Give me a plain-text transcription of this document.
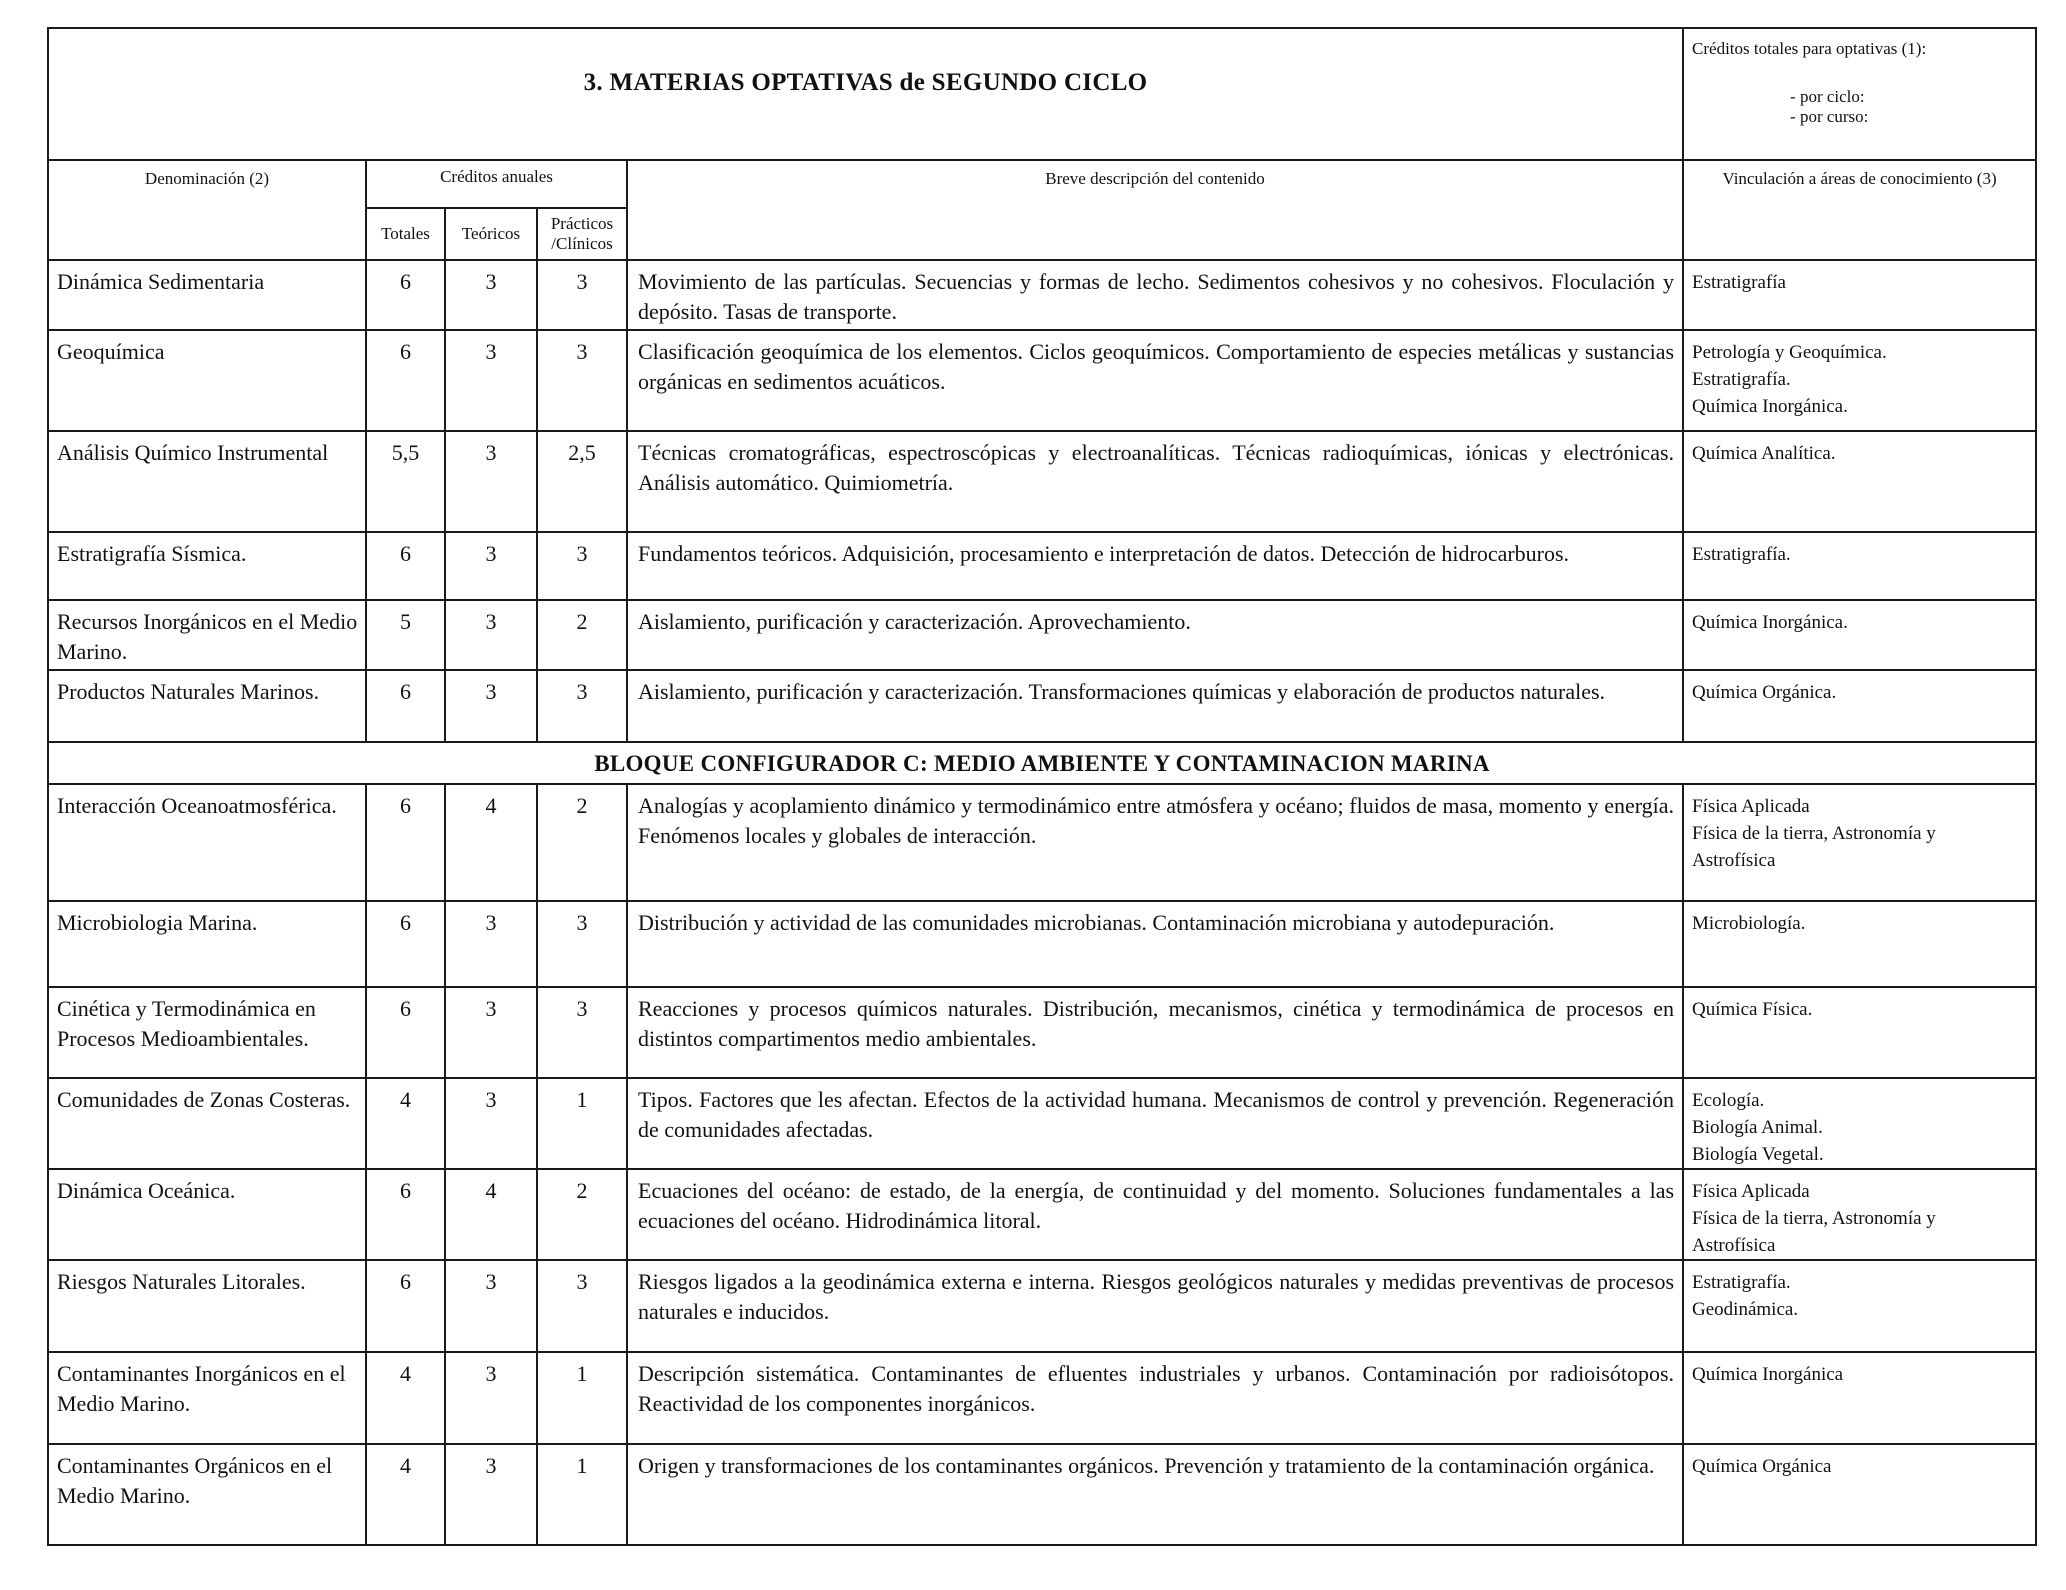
3. MATERIAS OPTATIVAS de SEGUNDO CICLO					Créditos totales para optativas (1):
- por ciclo:
- por curso:

Denominación (2)	Créditos anuales			Breve descripción del contenido	Vinculación a áreas de conocimiento (3)
	Totales	Teóricos	Prácticos
/Clínicos		
Dinámica Sedimentaria	6	3	3	Movimiento de las partículas. Secuencias y formas de lecho. Sedimentos cohesivos y no cohesivos. Floculación y depósito. Tasas de transporte.	Estratigrafía

Geoquímica	6	3	3	Clasificación geoquímica de los elementos. Ciclos geoquímicos. Comportamiento de especies metálicas y sustancias orgánicas en sedimentos acuáticos.	Petrología y Geoquímica.
Estratigrafía.
Química Inorgánica.

Análisis Químico Instrumental	5,5	3	2,5	Técnicas cromatográficas, espectroscópicas y electroanalíticas. Técnicas radioquímicas, iónicas y electrónicas. Análisis automático. Quimiometría.	Química Analítica.

Estratigrafía Sísmica.	6	3	3	Fundamentos teóricos. Adquisición, procesamiento e interpretación de datos. Detección de hidrocarburos.	Estratigrafía.

Recursos Inorgánicos en el Medio Marino.	5	3	2	Aislamiento, purificación y caracterización. Aprovechamiento.	Química Inorgánica.

Productos Naturales Marinos.	6	3	3	Aislamiento, purificación y caracterización. Transformaciones químicas y elaboración de productos naturales.	Química Orgánica.

BLOQUE CONFIGURADOR C: MEDIO AMBIENTE Y CONTAMINACION MARINA					
Interacción Oceanoatmosférica.	6	4	2	Analogías y acoplamiento dinámico y termodinámico entre atmósfera y océano; fluidos de masa, momento y energía. Fenómenos locales y globales de interacción.	Física Aplicada
Física de la tierra, Astronomía y
Astrofísica

Microbiologia Marina.	6	3	3	Distribución y actividad de las comunidades microbianas. Contaminación microbiana y autodepuración.	Microbiología.

Cinética y Termodinámica en Procesos Medioambientales.	6	3	3	Reacciones y procesos químicos naturales. Distribución, mecanismos, cinética y termodinámica de procesos en distintos compartimentos medio ambientales.	Química Física.

Comunidades de Zonas Costeras.	4	3	1	Tipos. Factores que les afectan. Efectos de la actividad humana. Mecanismos de control y prevención. Regeneración de comunidades afectadas.	Ecología.
Biología Animal.
Biología Vegetal.

Dinámica Oceánica.	6	4	2	Ecuaciones del océano: de estado, de la energía, de continuidad y del momento. Soluciones fundamentales a las ecuaciones del océano. Hidrodinámica litoral.	Física Aplicada
Física de la tierra, Astronomía y
Astrofísica

Riesgos Naturales Litorales.	6	3	3	Riesgos ligados a la geodinámica externa e interna. Riesgos geológicos naturales y medidas preventivas de procesos naturales e inducidos.	Estratigrafía.
Geodinámica.

Contaminantes Inorgánicos en el Medio Marino.	4	3	1	Descripción sistemática. Contaminantes de efluentes industriales y urbanos. Contaminación por radioisótopos. Reactividad de los componentes inorgánicos.	Química Inorgánica

Contaminantes Orgánicos en el Medio Marino.	4	3	1	Origen y transformaciones de los contaminantes orgánicos. Prevención y tratamiento de la contaminación orgánica.	Química Orgánica
